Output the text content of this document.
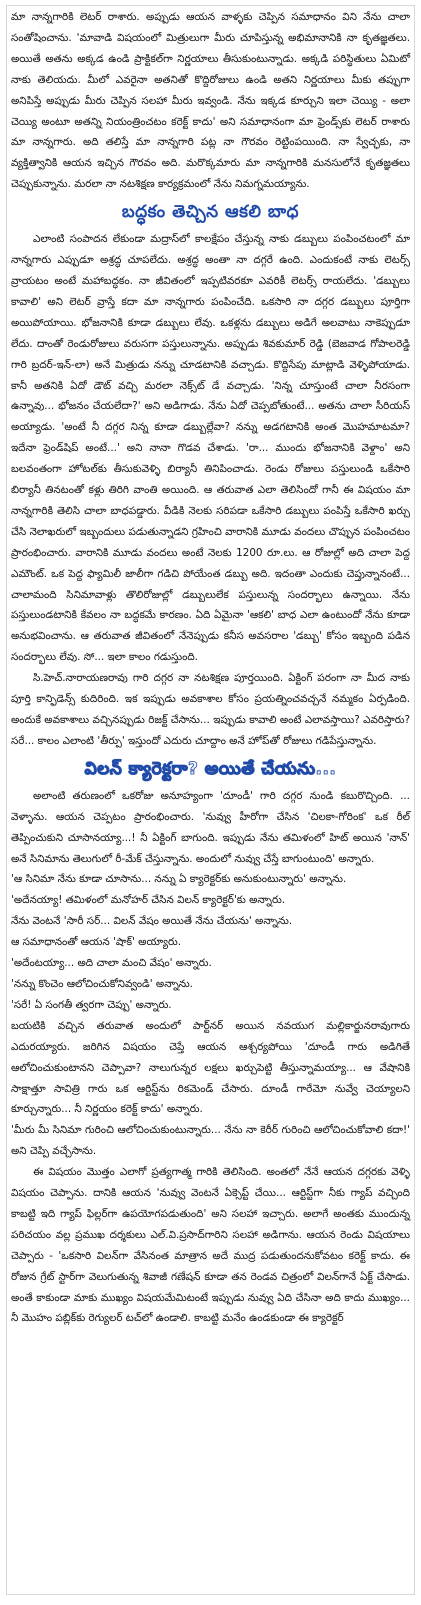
మా నాన్నగారికి లెటర్ రాశారు. అప్పుడు ఆయన వాళ్ళకు చెప్పిన సమాధానం విని నేను చాలా సంతోషించాను. 'మావాడి విషయంలో మిత్రులుగా మీరు చూపిస్తున్న అభిమానానికి నా కృతజ్ఞతలు. అయితే అతను అక్కడ ఉండి ప్రాక్టికల్‌గా నిర్ణయాలు తీసుకుంటున్నాడు. అక్కడి పరిస్థితులు ఏమిటో నాకు తెలియదు. మీలో ఎవరైనా అతనితో కొద్దిరోజులు ఉండి అతని నిర్ణయాలు మీకు తప్పుగా అనిపిస్తే అప్పుడు మీరు చెప్పిన సలహా మీరు ఇవ్వండి. నేను ఇక్కడ కూర్చుని ఇలా చెయ్యి - అలా చెయ్యి అంటూ అతన్ని నియంత్రించటం కరెక్ట్ కాదు' అని సమాధానంగా మా ఫ్రెండ్స్‌కు లెటర్ రాశారు మా నాన్నగారు. అది తలిస్తే మా నాన్నగారి పట్ల నా గౌరవం రెట్టింపయింది. నా స్వేచ్ఛకు, నా వ్యక్తిత్వానికి ఆయన ఇచ్చిన గౌరవం అది. మరొక్కమారు మా నాన్నగారికి మనసులోనే కృతజ్ఞతలు చెప్పుకున్నాను. మరలా నా నటశిక్షణ కార్యక్రమంలో నేను నిమగ్నమయ్యాను.

బద్ధకం తెచ్చిన ఆకలి బాధ

ఎలాంటి సంపాదన లేకుండా మద్రాస్‌లో కాలక్షేపం చేస్తున్న నాకు డబ్బులు పంపించటంలో మా నాన్నగారు ఎప్పుడూ అశ్రద్ధ చూపలేదు. అశ్రద్ధ అంతా నా దగ్గరే ఉంది. ఎందుకంటే నాకు లెటర్స్ వ్రాయటం అంటే మహాబద్ధకం. నా జీవితంలో ఇప్పటివరకూ ఎవరికీ లెటర్స్ రాయలేదు. 'డబ్బులు కావాలి' అని లెటర్ వ్రాస్తే కదా మా నాన్నగారు పంపించేది. ఒకసారి నా దగ్గర డబ్బులు పూర్తిగా అయిపోయాయి. భోజనానికి కూడా డబ్బులు లేవు. ఒకళ్లను డబ్బులు అడిగే అలవాటు నాకెప్పుడూ లేదు. దాంతో రెండురోజులు వరుసగా పస్తులున్నాను. అప్పుడు శివకుమార్ రెడ్డి (బెజవాడ గోపాలరెడ్డి గారి బ్రదర్-ఇన్-లా) అనే మిత్రుడు నన్ను చూడటానికి వచ్చాడు. కొద్దిసేపు మాట్లాడి వెళ్ళిపోయాడు. కానీ అతనికి ఏదో డౌట్ వచ్చి మరలా నెక్స్‌ట్ డే వచ్చాడు. 'నిన్న చూస్తుంటే చాలా నీరసంగా ఉన్నావు... భోజనం చేయలేదా?' అని అడిగాడు. నేను ఏదో చెప్పబోతుంటే... అతను చాలా సీరియస్ అయ్యాడు. 'అంటే నీ దగ్గర నిన్న కూడా డబ్బుల్లేవా? నన్ను అడగటానికి అంత మొహమాటమా? ఇదేనా ఫ్రెండ్‌షిప్ అంటే...' అని నానా గొడవ చేశాడు. 'రా... ముందు భోజనానికి వెళ్దాం' అని బలవంతంగా హోటల్‌కు తీసుకువెళ్ళి బిర్యానీ తినిపించాడు. రెండు రోజులు పస్తులుండి ఒకేసారి బిర్యానీ తినటంతో కళ్లు తిరిగి వాంతి అయింది. ఆ తరువాత ఎలా తెలిసిందో గానీ ఈ విషయం మా నాన్నగారికి తెలిసి చాలా బాధపడ్డారు. వీడికి నెలకు సరిపడా ఒకేసారి డబ్బులు పంపిస్తే ఒకేసారి ఖర్చు చేసి నెలాఖరులో ఇబ్బందులు పడుతున్నాడని గ్రహించి వారానికి మూడు వందలు చొప్పున పంపించటం ప్రారంభించారు. వారానికి మూడు వందలు అంటే నెలకు 1200 రూ.లు. ఆ రోజుల్లో అది చాలా పెద్ద ఎమౌంట్. ఒక పెద్ద ఫ్యామిలీ జాలీగా గడిచి పోయేంత డబ్బు అది. ఇదంతా ఎందుకు చెప్తున్నానంటే... చాలామంది సినిమావాళ్లు తొలిరోజుల్లో డబ్బులులేక పస్తులున్న సందర్భాలు ఉన్నాయి. నేను పస్తులుండటానికి కేవలం నా బద్ధకమే కారణం. ఏది ఏమైనా 'ఆకలి' బాధ ఎలా ఉంటుందో నేను కూడా అనుభవించాను. ఆ తరువాత జీవితంలో నేనెప్పుడు కనీస అవసరాల 'డబ్బు' కోసం ఇబ్బంది పడిన సందర్భాలు లేవు. సో... ఇలా కాలం గడుస్తుంది.

సి.హెచ్.నారాయణరావు గారి దగ్గర నా నటశిక్షణ పూర్తయింది. ఏక్టింగ్ పరంగా నా మీద నాకు పూర్తి కాన్ఫిడెన్స్ కుదిరింది. ఇక ఇప్పుడు అవకాశాల కోసం ప్రయత్నించవచ్చనే నమ్మకం ఏర్పడింది. అందుకే అవకాశాలు వచ్చినప్పుడు రిజక్ట్ చేసాను... ఇప్పుడు కావాలి అంటే ఎలావస్తాయి? ఎవరిస్తారు? సరే... కాలం ఎలాంటి 'తీర్పు' ఇస్తుందో ఎదురు చూద్దాం అనే హోప్‌తో రోజులు గడిపేస్తున్నాను.

విలన్ క్యారెక్టరా? అయితే చేయను...

అలాంటి తరుణంలో ఒకరోజు అనూహ్యంగా 'దూండీ' గారి దగ్గర నుండి కబురొచ్చింది. ... వెళ్ళాను. ఆయన చెప్పటం ప్రారంభించారు. 'నువ్వు హీరోగా చేసిన 'చిలకా-గోరింక' ఒక రీల్ తెప్పించుకుని చూసానయ్యా...! నీ ఏక్టింగ్ బాగుంది. ఇప్పుడు నేను తమిళంలో హిట్ అయిన 'నాన్' అనే సినిమాను తెలుగులో రీ-మేక్ చేస్తున్నాను. అందులో నువ్వు చేస్తే బాగుంటుంది' అన్నారు.

'ఆ సినిమా నేను కూడా చూసాను... నన్ను ఏ క్యారెక్టర్‌కు అనుకుంటున్నారు' అన్నాను.

'అదేనయ్యా! తమిళంలో మనోహర్ చేసిన విలన్ క్యారెక్టర్'కు అన్నారు.

నేను వెంటనే 'సారీ సర్... విలన్ వేషం అయితే నేను చేయను' అన్నాను.

ఆ సమాధానంతో ఆయన 'షాక్' అయ్యారు.

'అదేంటయ్యా... అది చాలా మంచి వేషం' అన్నారు.

'నన్ను కొంచెం ఆలోచించుకోనివ్వండి' అన్నాను.

'సరే! ఏ సంగతీ త్వరగా చెప్పు' అన్నారు.

బయటికి వచ్చిన తరువాత అందులో పార్ట్‌నర్ అయిన నవయుగ మల్లికార్జునరావుగారు ఎదురయ్యారు. జరిగిన విషయం చెప్తే ఆయన ఆశ్చర్యపోయి 'దూండీ గారు అడిగితే ఆలోచించుకుంటానని చెప్పావా? నాలుగున్నర లక్షలు ఖర్చుపెట్టి తీస్తున్నామయ్యా... ఆ వేషానికి సాక్షాత్తూ సావిత్రి గారు ఒక ఆర్టిస్ట్‌ను రికమెండ్ చేసారు. దూండీ గారేమో నువ్వే చెయ్యాలని కూర్చున్నారు... నీ నిర్ణయం కరెక్ట్ కాదు' అన్నారు.

'మీరు మీ సినిమా గురించి ఆలోచించుకుంటున్నారు... నేను నా కెరీర్ గురించి ఆలోచించుకోవాలి కదా!' అని చెప్పి వచ్చేసాను.

ఈ విషయం మొత్తం ఎలాగో ప్రత్యగాత్మ గారికి తెలిసింది. అంతలో నేనే ఆయన దగ్గరకు వెళ్ళి విషయం చెప్పాను. దానికి ఆయన 'నువ్వు వెంటనే ఏక్సెప్ట్ చేయి... ఆర్టిస్ట్‌గా నీకు గ్యాప్ వచ్చింది కాబట్టి ఇది గ్యాప్ ఫిల్లర్‌గా ఉపయోగపడుతుంది' అని సలహా ఇచ్చారు. అలాగే అంతకు ముందున్న పరిచయం వల్ల ప్రముఖ దర్శకులు ఎల్.వి.ప్రసాద్‌గారిని సలహా అడిగాను. ఆయన రెండు విషయాలు చెప్పారు - 'ఒకసారి విలన్‌గా వేసినంత మాత్రాన అదే ముద్ర పడుతుందనుకోవటం కరెక్ట్ కాదు. ఈ రోజున గ్రేట్ స్టార్‌గా వెలుగుతున్న శివాజీ గణేషన్ కూడా తన రెండవ చిత్రంలో విలన్‌గానే ఏక్ట్ చేసాడు. అంతే కాకుండా మాకు ముఖ్యం విషయమేమిటంటే ఇప్పుడు నువ్వు ఏది చేసినా అది కాదు ముఖ్యం... నీ మొహం పబ్లిక్‌కు రెగ్యులర్ టచ్‌లో ఉండాలి. కాబట్టి మనేం ఉండకుండా ఈ క్యారెక్టర్
